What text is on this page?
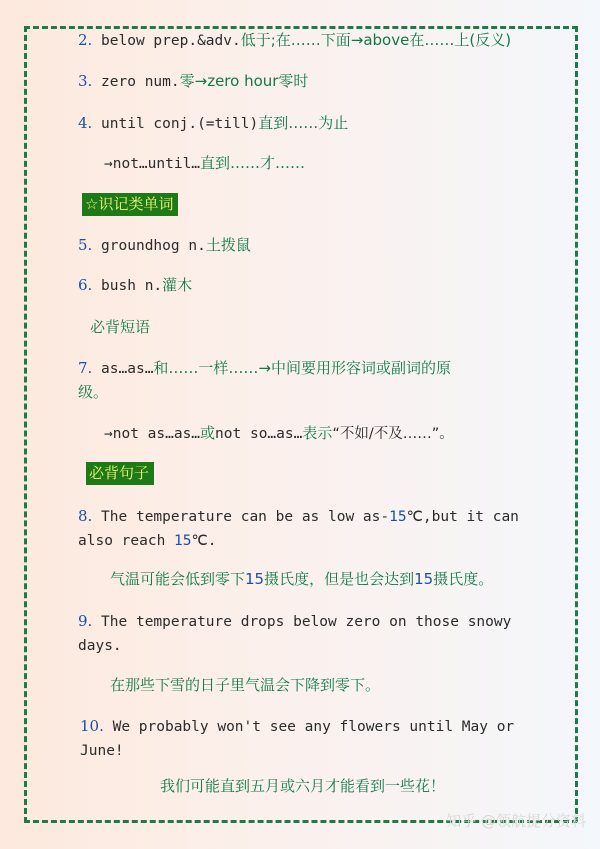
2. below prep.&adv.低于;在……下面→above在……上(反义)
3. zero num.零→zero hour零时
4. until conj.(=till)直到……为止
→not…until…直到……才……
☆识记类单词
5. groundhog n.土拨鼠
6. bush n.灌木
必背短语
7. as…as…和……一样……→中间要用形容词或副词的原
级。
→not as…as…或not so…as…表示“不如/不及……”。
必背句子
8. The temperature can be as low as-15℃,but it can
also reach 15℃.
气温可能会低到零下15摄氏度，但是也会达到15摄氏度。
9. The temperature drops below zero on those snowy
days.
在那些下雪的日子里气温会下降到零下。
10. We probably won't see any flowers until May or
June!
我们可能直到五月或六月才能看到一些花！
知乎 @领航提分资料
